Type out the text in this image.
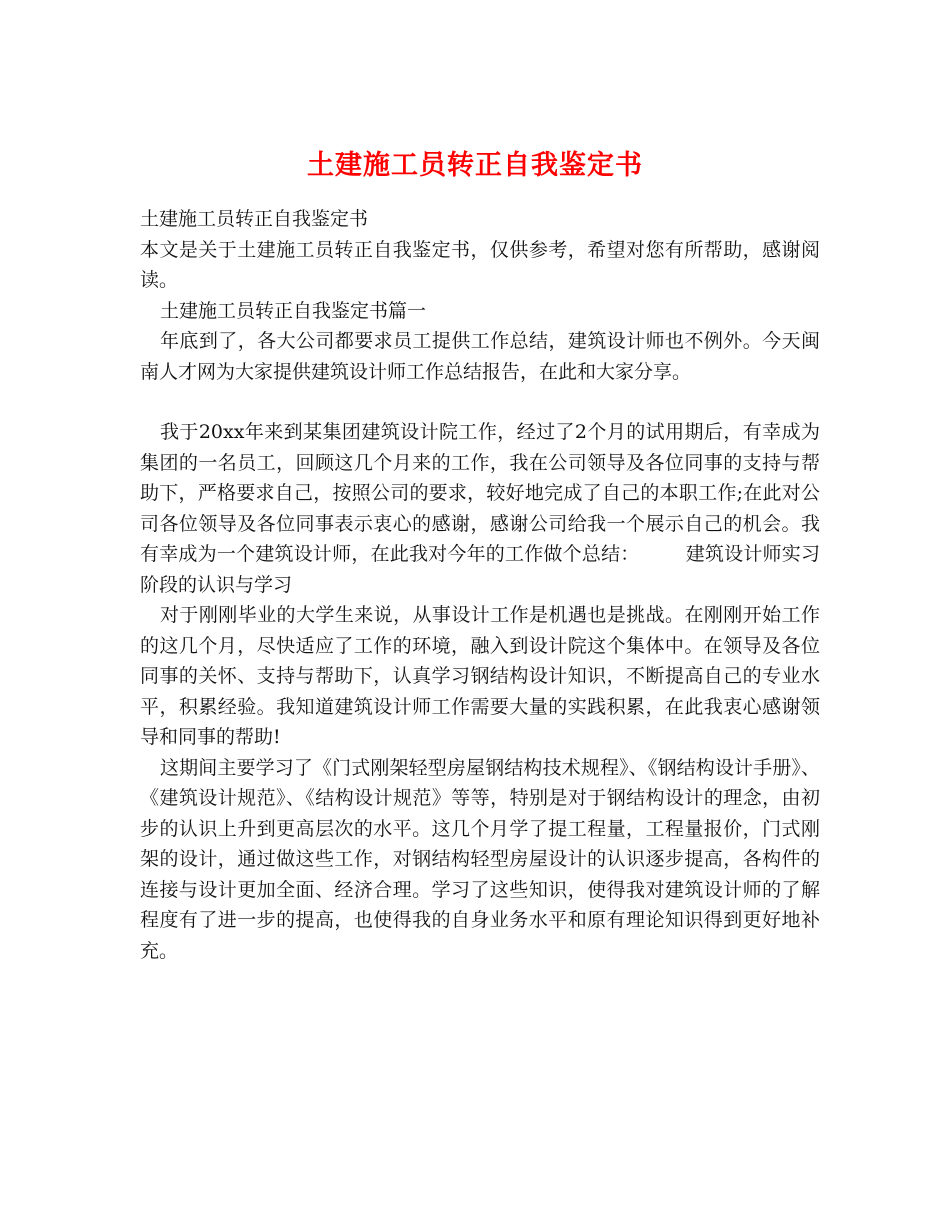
土建施工员转正自我鉴定书

土建施工员转正自我鉴定书

本文是关于土建施工员转正自我鉴定书，仅供参考，希望对您有所帮助，感谢阅读。

土建施工员转正自我鉴定书篇一

年底到了，各大公司都要求员工提供工作总结，建筑设计师也不例外。今天闽南人才网为大家提供建筑设计师工作总结报告，在此和大家分享。

我于20xx年来到某集团建筑设计院工作，经过了2个月的试用期后，有幸成为集团的一名员工，回顾这几个月来的工作，我在公司领导及各位同事的支持与帮助下，严格要求自己，按照公司的要求，较好地完成了自己的本职工作;在此对公司各位领导及各位同事表示衷心的感谢，感谢公司给我一个展示自己的机会。我有幸成为一个建筑设计师，在此我对今年的工作做个总结： 建筑设计师实习阶段的认识与学习

对于刚刚毕业的大学生来说，从事设计工作是机遇也是挑战。在刚刚开始工作的这几个月，尽快适应了工作的环境，融入到设计院这个集体中。在领导及各位同事的关怀、支持与帮助下，认真学习钢结构设计知识，不断提高自己的专业水平，积累经验。我知道建筑设计师工作需要大量的实践积累，在此我衷心感谢领导和同事的帮助!

这期间主要学习了《门式刚架轻型房屋钢结构技术规程》、《钢结构设计手册》、《建筑设计规范》、《结构设计规范》等等，特别是对于钢结构设计的理念，由初步的认识上升到更高层次的水平。这几个月学了提工程量，工程量报价，门式刚架的设计，通过做这些工作，对钢结构轻型房屋设计的认识逐步提高，各构件的连接与设计更加全面、经济合理。学习了这些知识，使得我对建筑设计师的了解程度有了进一步的提高，也使得我的自身业务水平和原有理论知识得到更好地补充。
